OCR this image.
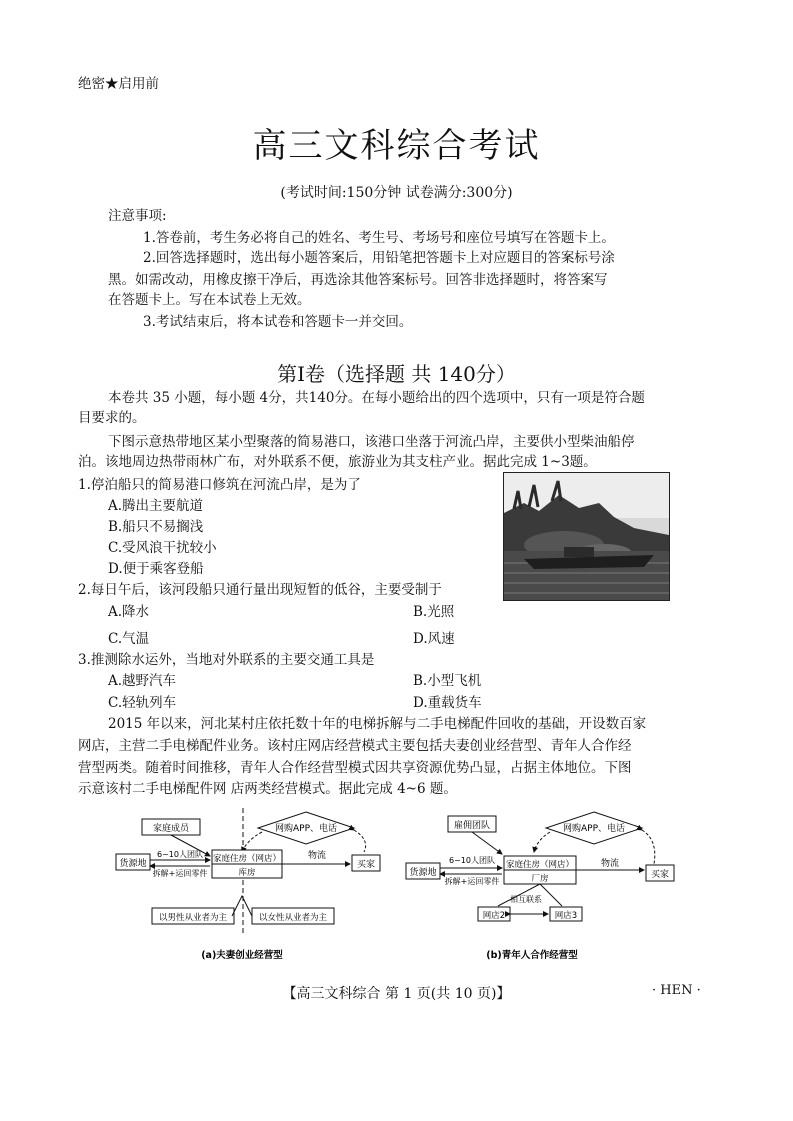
绝密★启用前
高三文科综合考试
(考试时间:150分钟 试卷满分:300分)
注意事项:
1.答卷前，考生务必将自己的姓名、考生号、考场号和座位号填写在答题卡上。
2.回答选择题时，选出每小题答案后，用铅笔把答题卡上对应题目的答案标号涂
黑。如需改动，用橡皮擦干净后，再选涂其他答案标号。回答非选择题时，将答案写
在答题卡上。写在本试卷上无效。
3.考试结束后，将本试卷和答题卡一并交回。
第Ⅰ卷（选择题 共 140分）
本卷共 35 小题，每小题 4分，共140分。在每小题给出的四个选项中，只有一项是符合题
目要求的。
下图示意热带地区某小型聚落的简易港口，该港口坐落于河流凸岸，主要供小型柴油船停
泊。该地周边热带雨林广布，对外联系不便，旅游业为其支柱产业。据此完成 1~3题。
1.停泊船只的简易港口修筑在河流凸岸，是为了
A.腾出主要航道
B.船只不易搁浅
C.受风浪干扰较小
D.便于乘客登船
2.每日午后，该河段船只通行量出现短暂的低谷，主要受制于
A.降水	B.光照
C.气温	D.风速
3.推测除水运外，当地对外联系的主要交通工具是
A.越野汽车	B.小型飞机
C.轻轨列车	D.重载货车
2015 年以来，河北某村庄依托数十年的电梯拆解与二手电梯配件回收的基础，开设数百家
网店，主营二手电梯配件业务。该村庄网店经营模式主要包括夫妻创业经营型、青年人合作经
营型两类。随着时间推移，青年人合作经营型模式因共享资源优势凸显，占据主体地位。下图
示意该村二手电梯配件网 店两类经营模式。据此完成 4~6 题。
家庭成员	网购APP、电话
货源地
6~10人团队
拆解+运回零件
家庭住房（网店）
库房
物流
买家
以男性从业者为主	以女性从业者为主
(a)夫妻创业经营型
雇佣团队	网购APP、电话
货源地
6~10人团队
拆解+运回零件
家庭住房（网店）
厂房
物流
买家
相互联系
网店2	网店3
(b)青年人合作经营型
【高三文科综合 第 1 页(共 10 页)】	· HEN ·
